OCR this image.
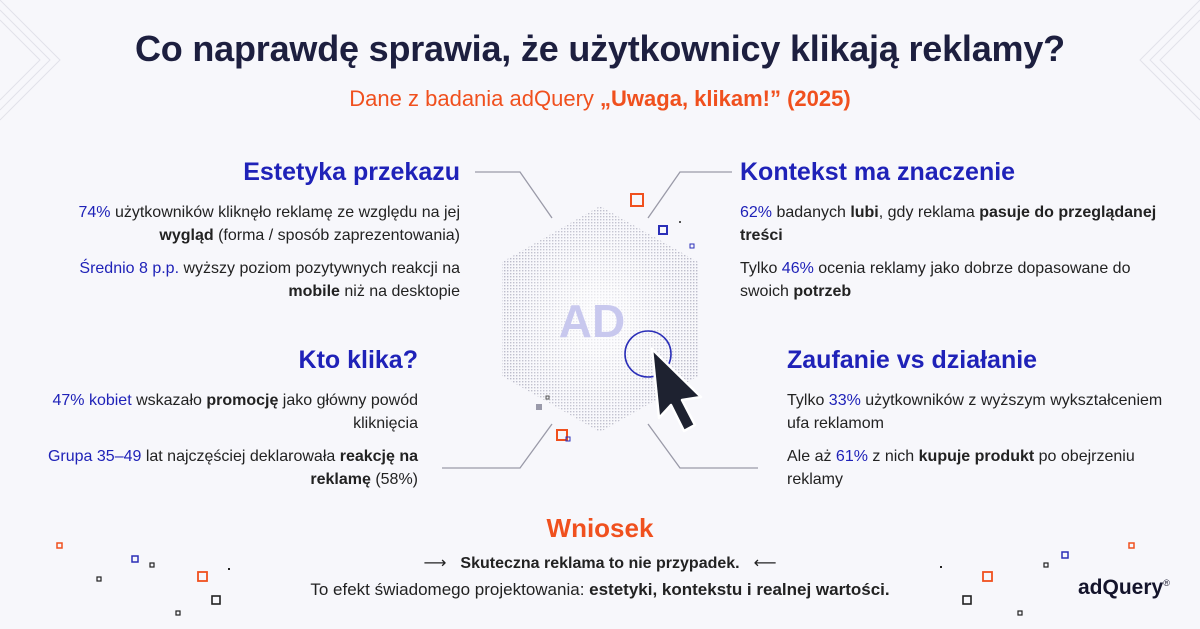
Co naprawdę sprawia, że użytkownicy klikają reklamy?
Dane z badania adQuery „Uwaga, klikam!” (2025)
AD
Estetyka przekazu
74% użytkowników kliknęło reklamę ze względu na jej wygląd (forma / sposób zaprezentowania)
Średnio 8 p.p. wyższy poziom pozytywnych reakcji na mobile niż na desktopie
Kontekst ma znaczenie
62% badanych lubi, gdy reklama pasuje do przeglądanej treści
Tylko 46% ocenia reklamy jako dobrze dopasowane do swoich potrzeb
Kto klika?
47% kobiet wskazało promocję jako główny powód kliknięcia
Grupa 35–49 lat najczęściej deklarowała reakcję na reklamę (58%)
Zaufanie vs działanie
Tylko 33% użytkowników z wyższym wykształceniem ufa reklamom
Ale aż 61% z nich kupuje produkt po obejrzeniu reklamy
Wniosek
⟶ Skuteczna reklama to nie przypadek. ⟵
To efekt świadomego projektowania: estetyki, kontekstu i realnej wartości.	adQuery®
